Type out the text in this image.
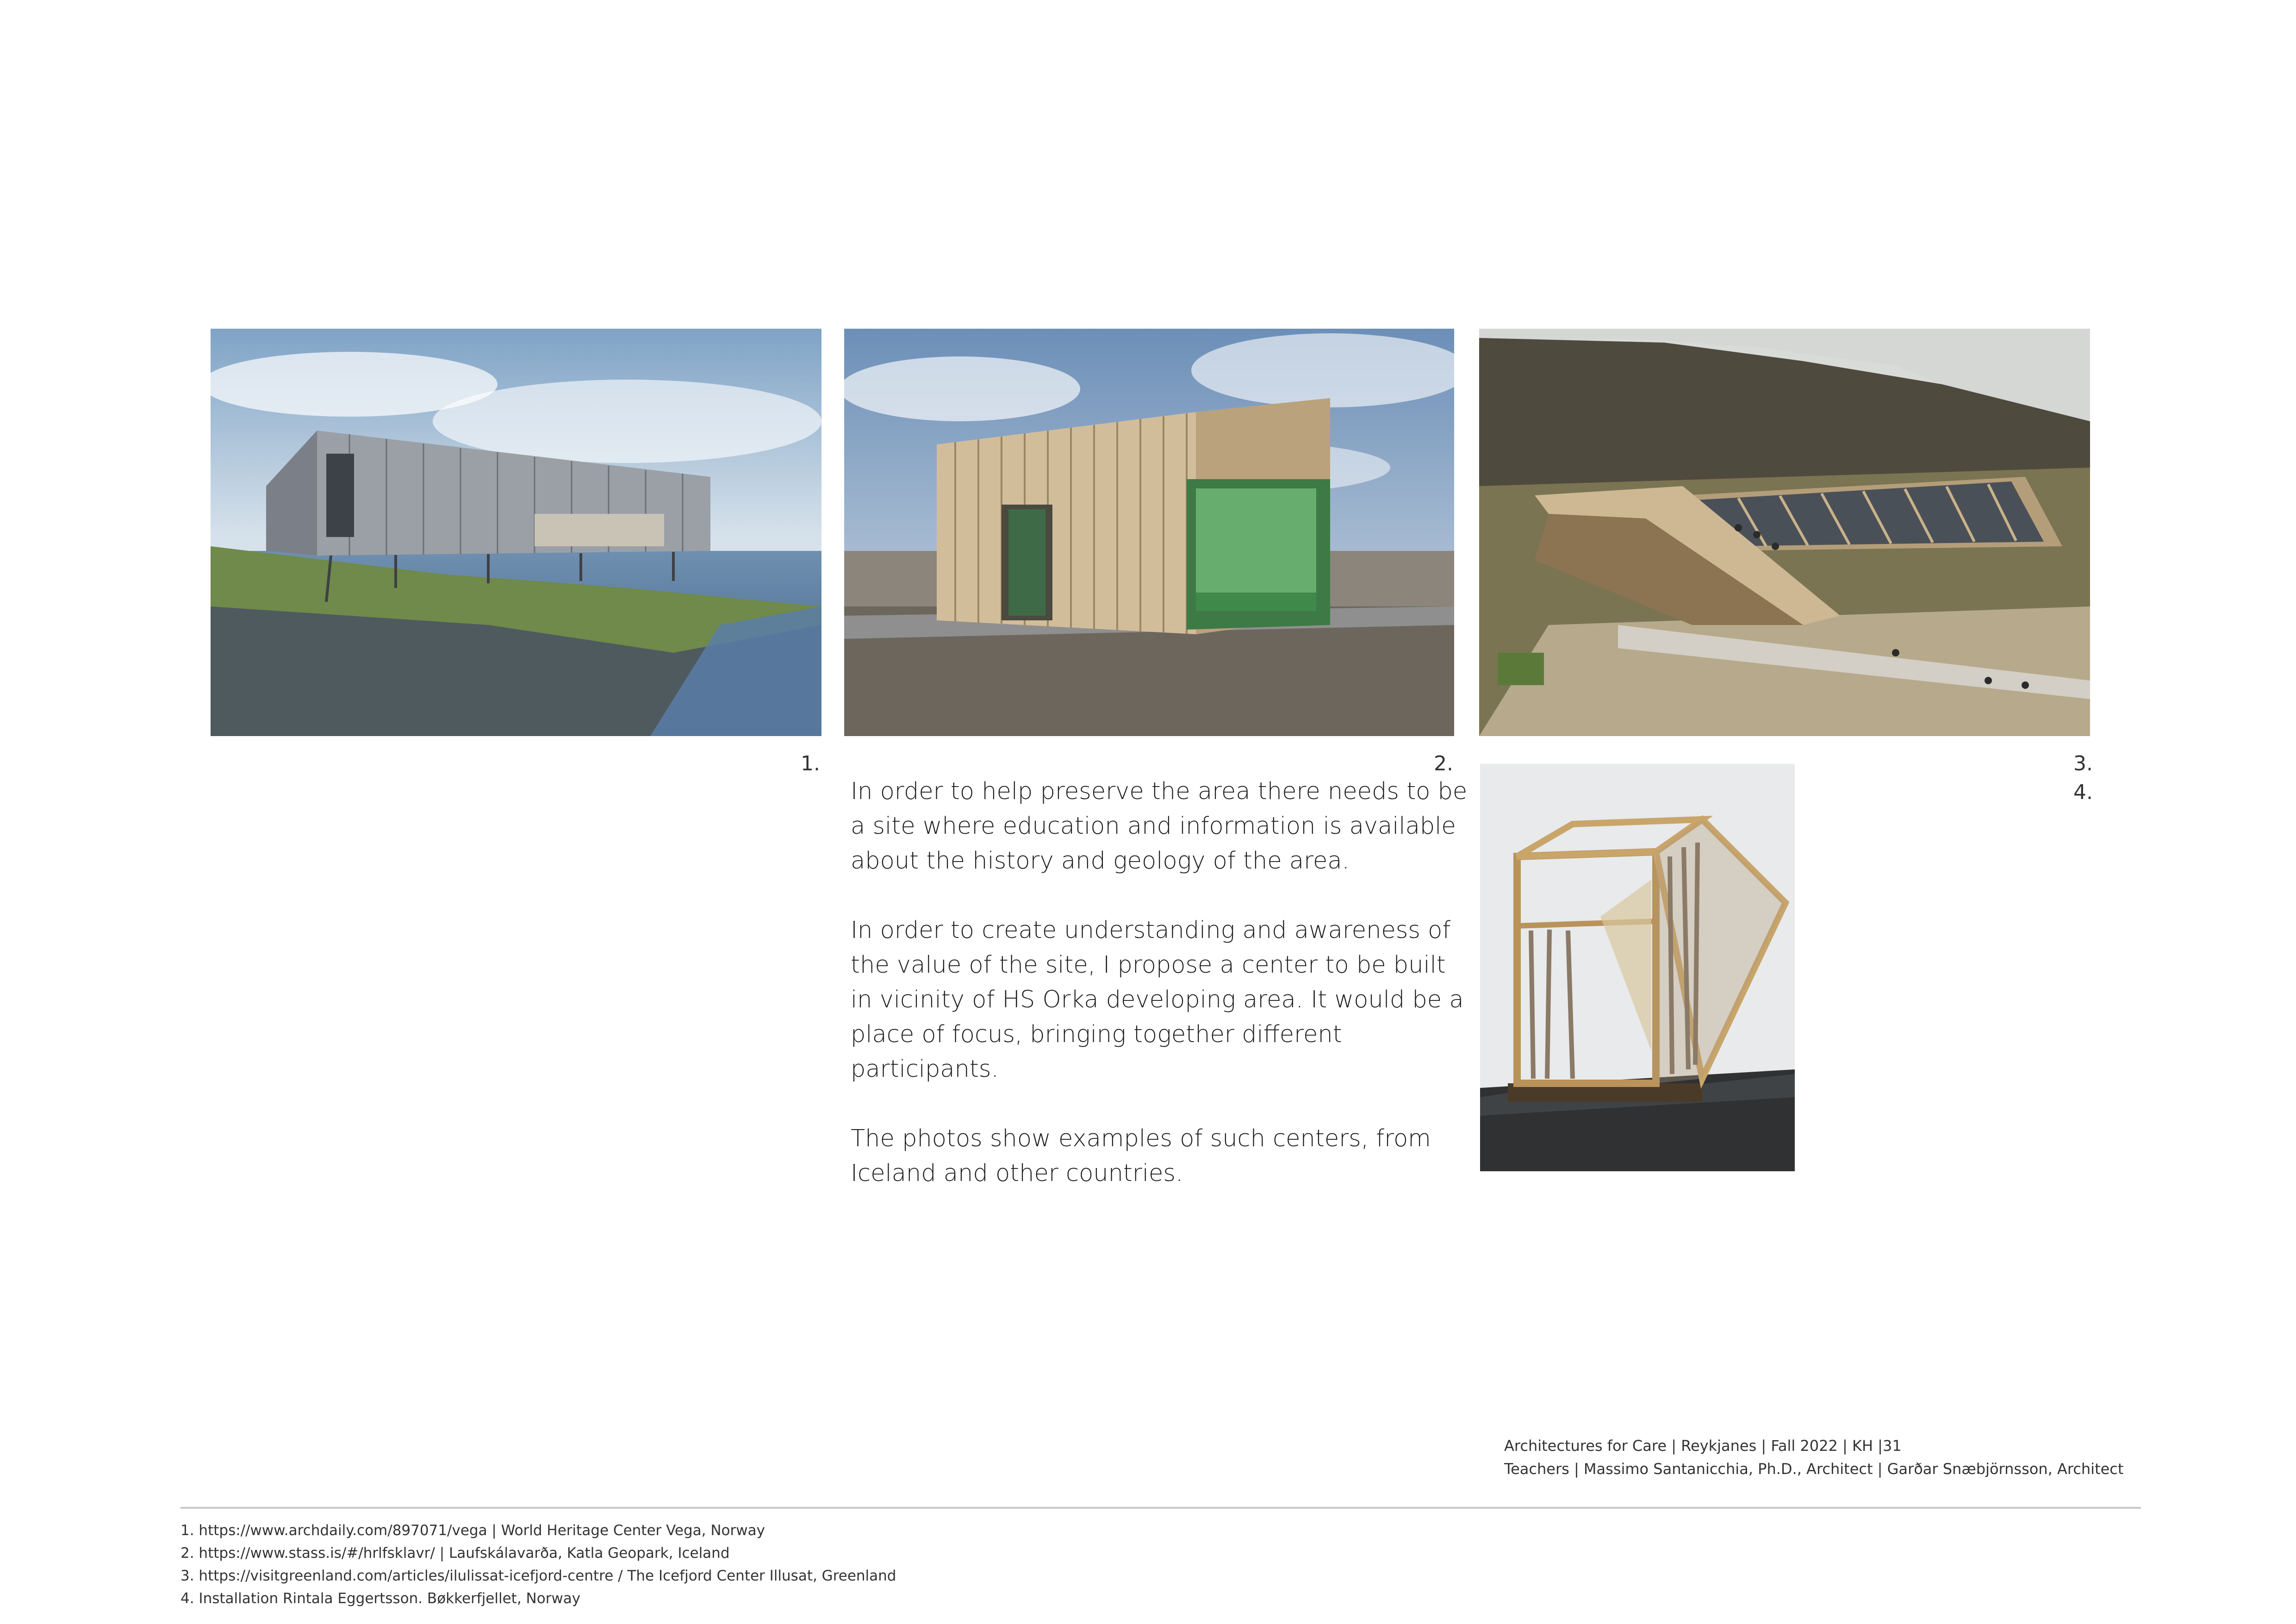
1.	2.	3.
4.

In order to help preserve the area there needs to be a site where education and information is available about the history and geology of the area.

In order to create understanding and awareness of the value of the site, I propose a center to be built in vicinity of HS Orka developing area. It would be a place of focus, bringing together different participants.

The photos show examples of such centers, from Iceland and other countries.

Architectures for Care | Reykjanes | Fall 2022 | KH |31
Teachers | Massimo Santanicchia, Ph.D., Architect | Garðar Snæbjörnsson, Architect
1. https://www.archdaily.com/897071/vega | World Heritage Center Vega, Norway
2. https://www.stass.is/#/hrlfsklavr/ | Laufskálavarða, Katla Geopark, Iceland
3. https://visitgreenland.com/articles/ilulissat-icefjord-centre / The Icefjord Center Illusat, Greenland
4. Installation Rintala Eggertsson. Bøkkerfjellet, Norway
